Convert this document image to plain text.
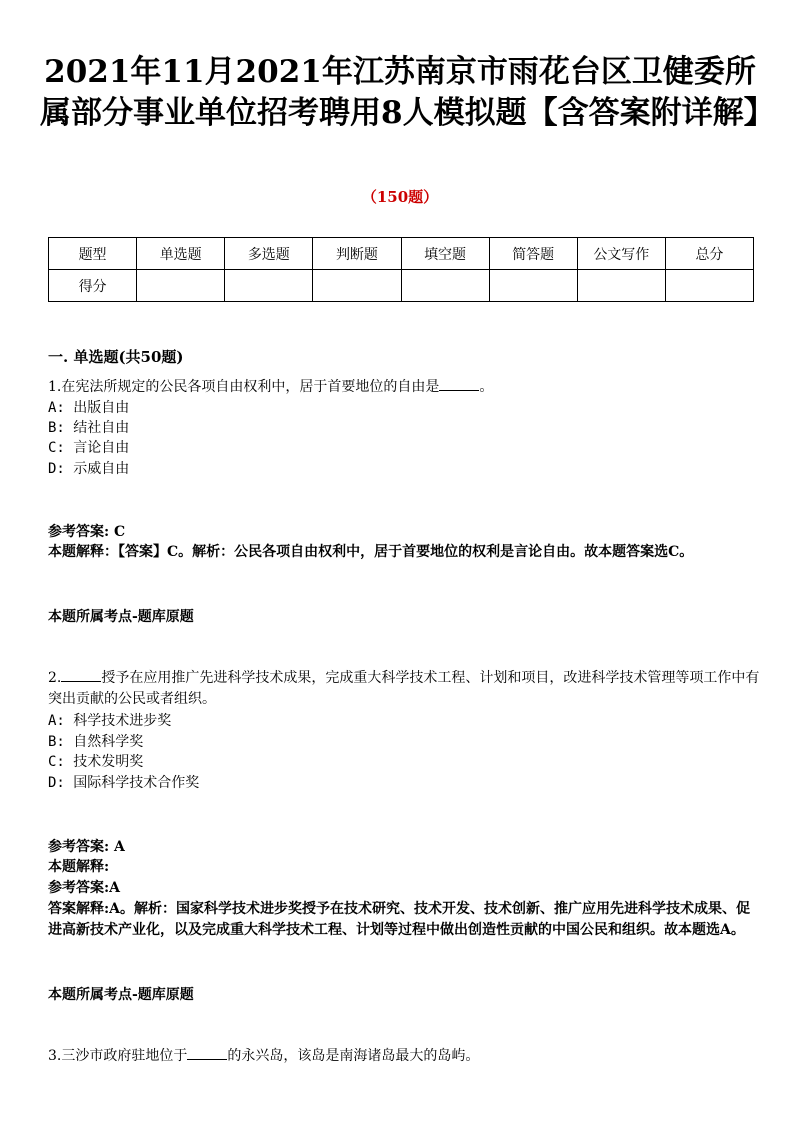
2021年11月2021年江苏南京市雨花台区卫健委所属部分事业单位招考聘用8人模拟题【含答案附详解】
（150题）
题型	单选题	多选题	判断题	填空题	简答题	公文写作	总分
得分							
一. 单选题(共50题)
1.在宪法所规定的公民各项自由权利中，居于首要地位的自由是	。
A: 出版自由
B: 结社自由
C: 言论自由
D: 示威自由
参考答案: C
本题解释：【答案】C。解析：公民各项自由权利中，居于首要地位的权利是言论自由。故本题答案选C。
本题所属考点-题库原题
2.	授予在应用推广先进科学技术成果，完成重大科学技术工程、计划和项目，改进科学技术管理等项工作中有突出贡献的公民或者组织。
A: 科学技术进步奖
B: 自然科学奖
C: 技术发明奖
D: 国际科学技术合作奖
参考答案: A
本题解释:
参考答案:A
答案解释:A。解析：国家科学技术进步奖授予在技术研究、技术开发、技术创新、推广应用先进科学技术成果、促进高新技术产业化，以及完成重大科学技术工程、计划等过程中做出创造性贡献的中国公民和组织。故本题选A。
本题所属考点-题库原题
3.三沙市政府驻地位于	的永兴岛，该岛是南海诸岛最大的岛屿。
